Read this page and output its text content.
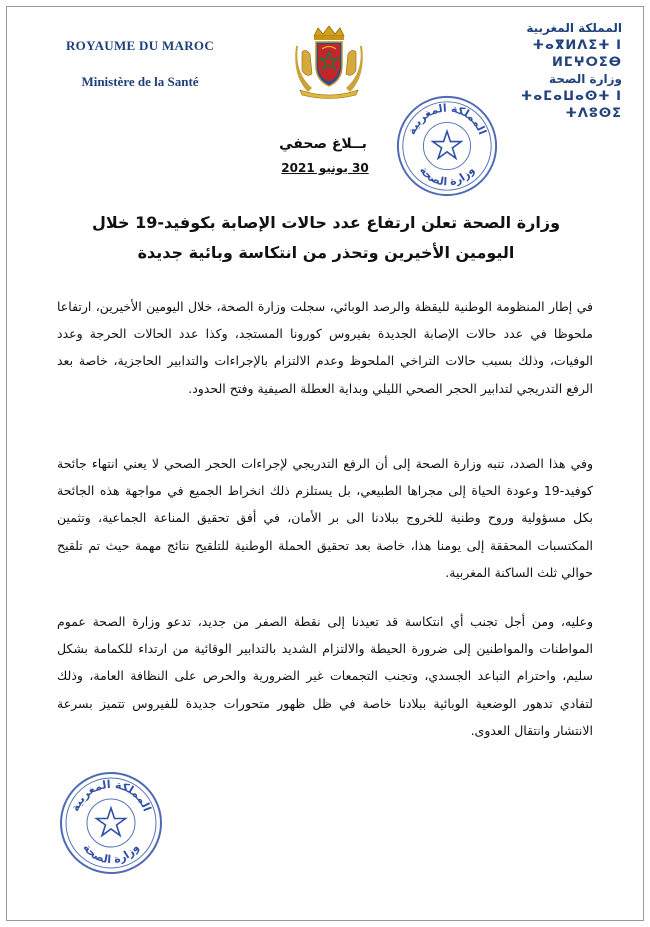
ROYAUME DU MAROC
Ministère de la Santé
المملكة المغربية
ⵜⴰⴳⵍⴷⵉⵜ ⵏ ⵍⵎⵖⵔⵉⴱ
وزارة الصحة
ⵜⴰⵎⴰⵡⴰⵙⵜ ⵏ ⵜⴷⵓⵙⵉ
المملكة المغربية
وزارة الصحة
بــلاغ صحفي
30 يونيو 2021
وزارة الصحة تعلن ارتفاع عدد حالات الإصابة بكوفيد-19 خلال اليومين الأخيرين وتحذر من انتكاسة وبائية جديدة
في إطار المنظومة الوطنية لليقظة والرصد الوبائي، سجلت وزارة الصحة، خلال اليومين الأخيرين، ارتفاعا ملحوظا في عدد حالات الإصابة الجديدة بفيروس كورونا المستجد، وكذا عدد الحالات الحرجة وعدد الوفيات، وذلك بسبب حالات التراخي الملحوظ وعدم الالتزام بالإجراءات والتدابير الحاجزية، خاصة بعد الرفع التدريجي لتدابير الحجر الصحي الليلي وبداية العطلة الصيفية وفتح الحدود.
وفي هذا الصدد، تنبه وزارة الصحة إلى أن الرفع التدريجي لإجراءات الحجر الصحي لا يعني انتهاء جائحة كوفيد-19 وعودة الحياة إلى مجراها الطبيعي، بل يستلزم ذلك انخراط الجميع في مواجهة هذه الجائحة بكل مسؤولية وروح وطنية للخروج ببلادنا الى بر الأمان، في أفق تحقيق المناعة الجماعية، وتثمين المكتسبات المحققة إلى يومنا هذا، خاصة بعد تحقيق الحملة الوطنية للتلقيح نتائج مهمة حيث تم تلقيح حوالي ثلث الساكنة المغربية.
وعليه، ومن أجل تجنب أي انتكاسة قد تعيدنا إلى نقطة الصفر من جديد، تدعو وزارة الصحة عموم المواطنات والمواطنين إلى ضرورة الحيطة والالتزام الشديد بالتدابير الوقائية من ارتداء للكمامة بشكل سليم، واحترام التباعد الجسدي، وتجنب التجمعات غير الضرورية والحرص على النظافة العامة، وذلك لتفادي تدهور الوضعية الوبائية ببلادنا خاصة في ظل ظهور متحورات جديدة للفيروس تتميز بسرعة الانتشار وانتقال العدوى.
المملكة المغربية
وزارة الصحة
